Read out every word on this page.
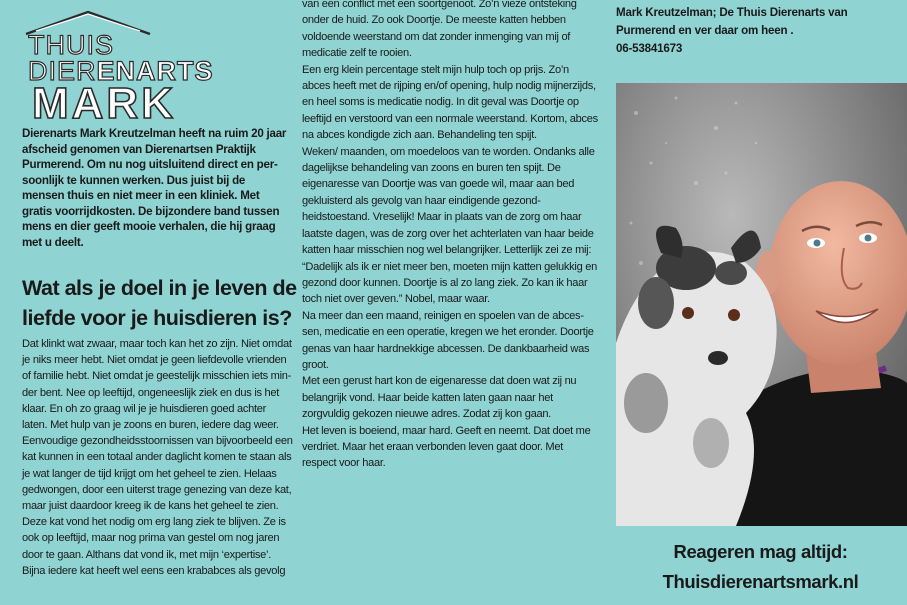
THUIS
DIERENARTS
MARK
Dierenarts Mark Kreutzelman heeft na ruim 20 jaar afscheid genomen van Dierenartsen Praktijk Purmerend. Om nu nog uitsluitend direct en persoonlijk te kunnen werken. Dus juist bij de mensen thuis en niet meer in een kliniek. Met gratis voorrijdkosten. De bijzondere band tussen mens en dier geeft mooie verhalen, die hij graag met u deelt.
Wat als je doel in je leven de liefde voor je huisdieren is?

Dat klinkt wat zwaar, maar toch kan het zo zijn. Niet omdat je niks meer hebt. Niet omdat je geen liefdevolle vrienden of familie hebt. Niet omdat je geestelijk misschien iets minder bent. Nee op leeftijd, ongeneeslijk ziek en dus is het klaar. En oh zo graag wil je je huisdieren goed achter laten. Met hulp van je zoons en buren, iedere dag weer.

Eenvoudige gezondheidsstoornissen van bijvoorbeeld een kat kunnen in een totaal ander daglicht komen te staan als je wat langer de tijd krijgt om het geheel te zien. Helaas gedwongen, door een uiterst trage genezing van deze kat, maar juist daardoor kreeg ik de kans het geheel te zien. Deze kat vond het nodig om erg lang ziek te blijven. Ze is ook op leeftijd, maar nog prima van gestel om nog jaren door te gaan. Althans dat vond ik, met mijn ‘expertise’.

Bijna iedere kat heeft wel eens een krababces als gevolg

van een conflict met een soortgenoot. Zo’n vieze ontsteking onder de huid. Zo ook Doortje. De meeste katten hebben voldoende weerstand om dat zonder inmenging van mij of medicatie zelf te rooien.

Een erg klein percentage stelt mijn hulp toch op prijs. Zo’n abces heeft met de rijping en/of opening, hulp nodig mijnerzijds, en heel soms is medicatie nodig. In dit geval was Doortje op leeftijd en verstoord van een normale weerstand. Kortom, abces na abces kondigde zich aan. Behandeling ten spijt.

Weken/ maanden, om moedeloos van te worden. Ondanks alle dagelijkse behandeling van zoons en buren ten spijt. De eigenaresse van Doortje was van goede wil, maar aan bed gekluisterd als gevolg van haar eindigende gezondheidstoestand. Vreselijk! Maar in plaats van de zorg om haar laatste dagen, was de zorg over het achterlaten van haar beide katten haar misschien nog wel belangrijker. Letterlijk zei ze mij: “Dadelijk als ik er niet meer ben, moeten mijn katten gelukkig en gezond door kunnen. Doortje is al zo lang ziek. Zo kan ik haar toch niet over geven.” Nobel, maar waar.

Na meer dan een maand, reinigen en spoelen van de abcessen, medicatie en een operatie, kregen we het eronder. Doortje genas van haar hardnekkige abcessen. De dankbaarheid was groot.

Met een gerust hart kon de eigenaresse dat doen wat zij nu belangrijk vond. Haar beide katten laten gaan naar het zorgvuldig gekozen nieuwe adres. Zodat zij kon gaan.

Het leven is boeiend, maar hard. Geeft en neemt. Dat doet me verdriet. Maar het eraan verbonden leven gaat door. Met respect voor haar.

Mark Kreutzelman; De Thuis Dierenarts van
Purmerend en ver daar om heen .
06-53841673
Reageren mag altijd:
Thuisdierenartsmark.nl
